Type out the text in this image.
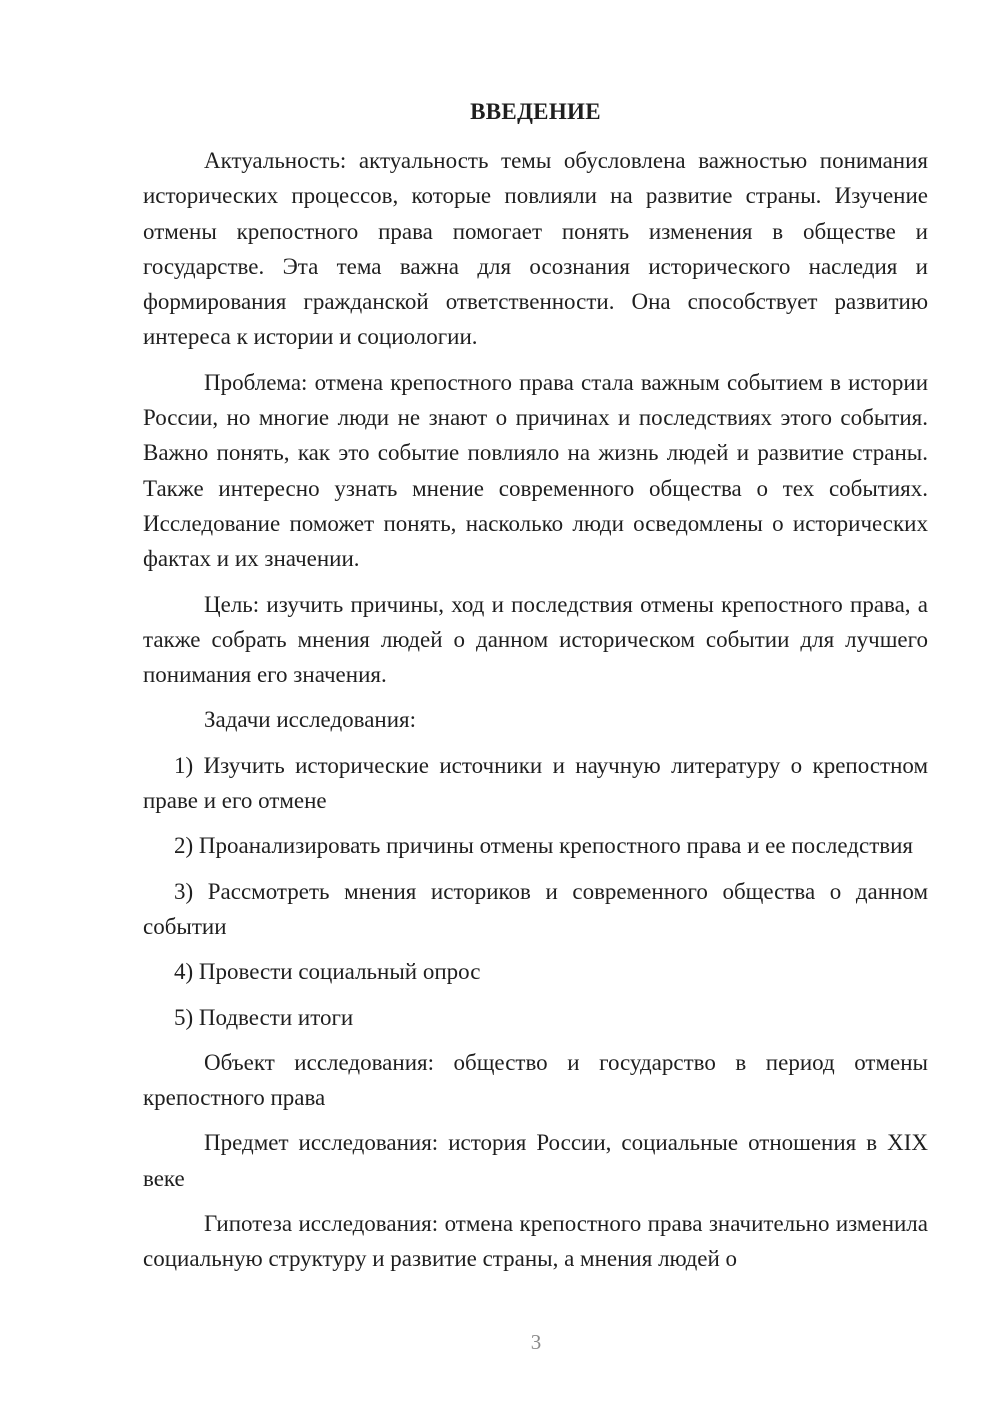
ВВЕДЕНИЕ

Актуальность: актуальность темы обусловлена важностью понимания исторических процессов, которые повлияли на развитие страны. Изучение отмены крепостного права помогает понять изменения в обществе и государстве. Эта тема важна для осознания исторического наследия и формирования гражданской ответственности. Она способствует развитию интереса к истории и социологии.

Проблема: отмена крепостного права стала важным событием в истории России, но многие люди не знают о причинах и последствиях этого события. Важно понять, как это событие повлияло на жизнь людей и развитие страны. Также интересно узнать мнение современного общества о тех событиях. Исследование поможет понять, насколько люди осведомлены о исторических фактах и их значении.

Цель: изучить причины, ход и последствия отмены крепостного права, а также собрать мнения людей о данном историческом событии для лучшего понимания его значения.

Задачи исследования:

1) Изучить исторические источники и научную литературу о крепостном праве и его отмене

2) Проанализировать причины отмены крепостного права и ее последствия

3) Рассмотреть мнения историков и современного общества о данном событии

4) Провести социальный опрос

5) Подвести итоги

Объект исследования: общество и государство в период отмены крепостного права

Предмет исследования: история России, социальные отношения в XIX веке

Гипотеза исследования: отмена крепостного права значительно изменила социальную структуру и развитие страны, а мнения людей о

3
